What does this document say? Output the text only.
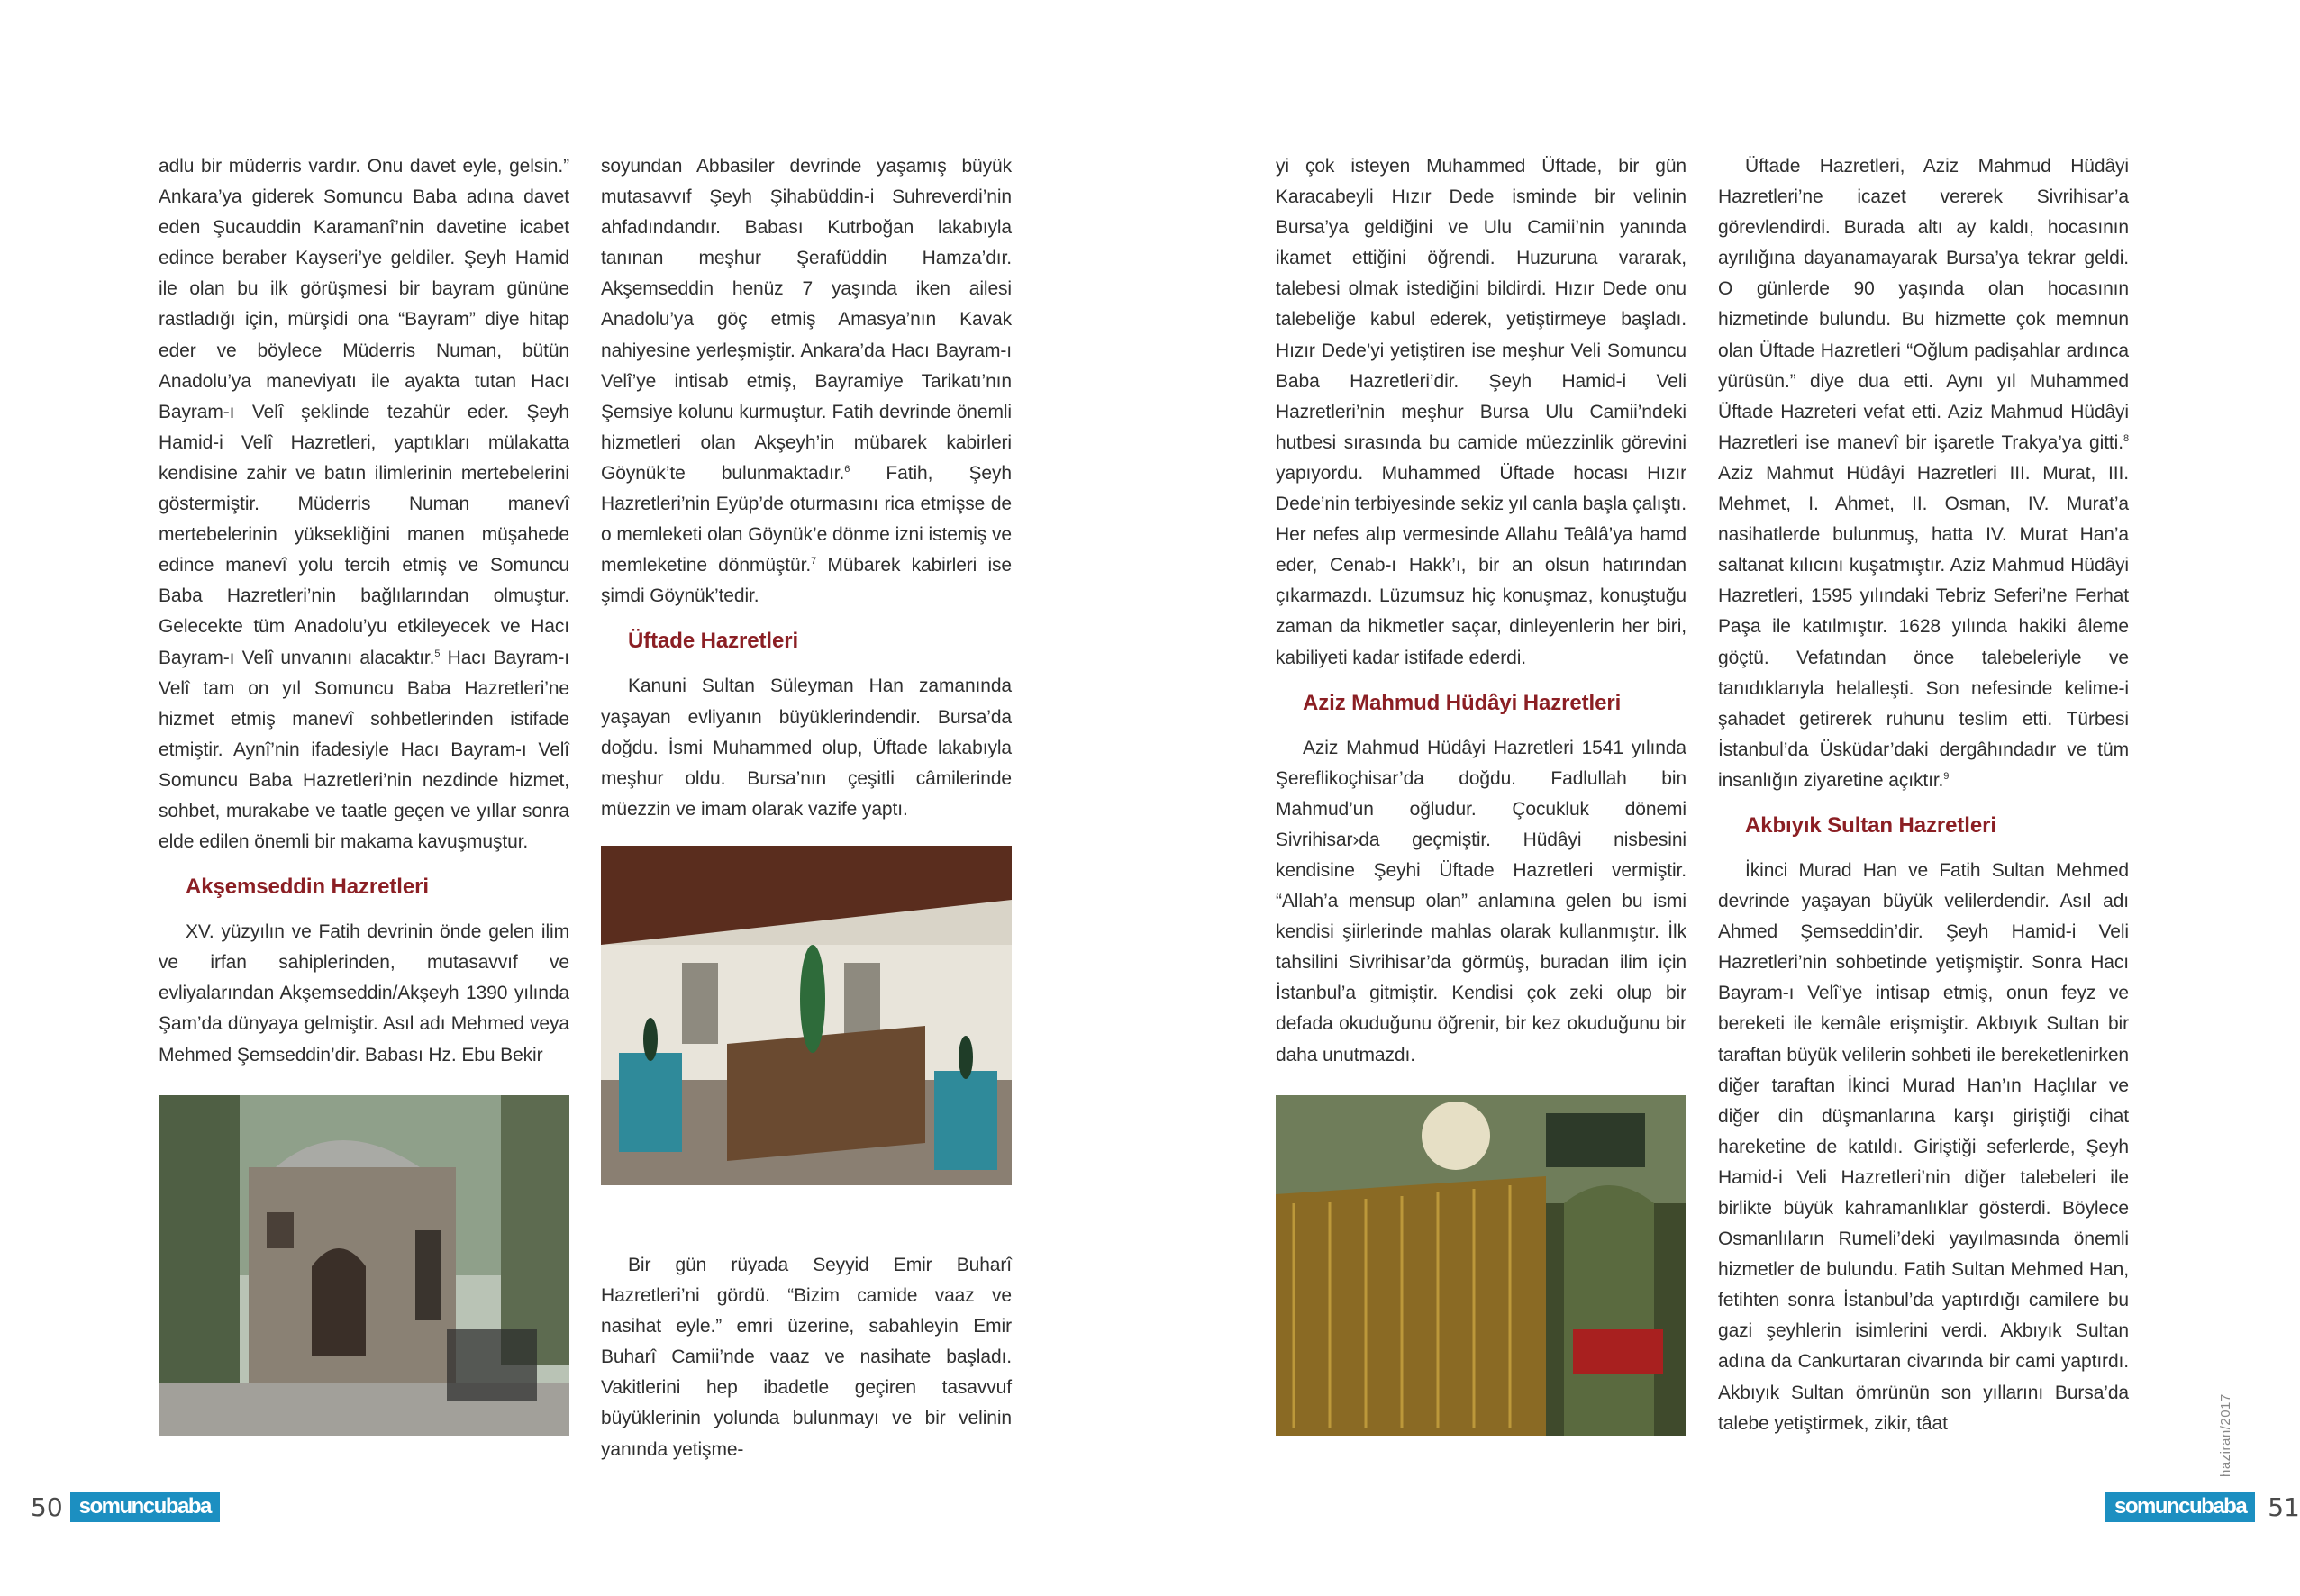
adlu bir müderris vardır. Onu davet eyle, gelsin.” Ankara’ya giderek Somuncu Baba adına davet eden Şucauddin Karamanî’nin davetine icabet edince beraber Kayseri’ye geldiler. Şeyh Hamid ile olan bu ilk görüşmesi bir bayram gününe rastladığı için, mürşidi ona “Bayram” diye hitap eder ve böylece Müderris Numan, bütün Anadolu’ya maneviyatı ile ayakta tutan Hacı Bayram-ı Velî şeklinde tezahür eder. Şeyh Hamid-i Velî Hazretleri, yaptıkları mülakatta kendisine zahir ve batın ilimlerinin mertebelerini göstermiştir. Müderris Numan manevî mertebelerinin yüksekliğini manen müşahede edince manevî yolu tercih etmiş ve Somuncu Baba Hazretleri’nin bağlılarından olmuştur. Gelecekte tüm Anadolu’yu etkileyecek ve Hacı Bayram-ı Velî unvanını alacaktır.$^5$ Hacı Bayram-ı Velî tam on yıl Somuncu Baba Hazretleri’ne hizmet etmiş manevî sohbetlerinden istifade etmiştir. Aynî’nin ifadesiyle Hacı Bayram-ı Velî Somuncu Baba Hazretleri’nin nezdinde hizmet, sohbet, murakabe ve taatle geçen ve yıllar sonra elde edilen önemli bir makama kavuşmuştur.

Akşemseddin Hazretleri

XV. yüzyılın ve Fatih devrinin önde gelen ilim ve irfan sahiplerinden, mutasavvıf ve evliyalarından Akşemseddin/Akşeyh 1390 yılında Şam’da dünyaya gelmiştir. Asıl adı Mehmed veya Mehmed Şemseddin’dir. Babası Hz. Ebu Bekir

soyundan Abbasiler devrinde yaşamış büyük mutasavvıf Şeyh Şihabüddin-i Suhreverdi’nin ahfadındandır. Babası Kutrboğan lakabıyla tanınan meşhur Şerafüddin Hamza’dır. Akşemseddin henüz 7 yaşında iken ailesi Anadolu’ya göç etmiş Amasya’nın Kavak nahiyesine yerleşmiştir. Ankara’da Hacı Bayram-ı Velî’ye intisab etmiş, Bayramiye Tarikatı’nın Şemsiye kolunu kurmuştur. Fatih devrinde önemli hizmetleri olan Akşeyh’in mübarek kabirleri Göynük’te bulunmaktadır.$^6$ Fatih, Şeyh Hazretleri’nin Eyüp’de oturmasını rica etmişse de o memleketi olan Göynük’e dönme izni istemiş ve memleketine dönmüştür.$^7$ Mübarek kabirleri ise şimdi Göynük’tedir.

Üftade Hazretleri

Kanuni Sultan Süleyman Han zamanında yaşayan evliyanın büyüklerindendir. Bursa’da doğdu. İsmi Muhammed olup, Üftade lakabıyla meşhur oldu. Bursa’nın çeşitli câmilerinde müezzin ve imam olarak vazife yaptı.

Bir gün rüyada Seyyid Emir Buharî Hazretleri’ni gördü. “Bizim camide vaaz ve nasihat eyle.” emri üzerine, sabahleyin Emir Buharî Camii’nde vaaz ve nasihate başladı. Vakitlerini hep ibadetle geçiren tasavvuf büyüklerinin yolunda bulunmayı ve bir velinin yanında yetişme-

yi çok isteyen Muhammed Üftade, bir gün Karacabeyli Hızır Dede isminde bir velinin Bursa’ya geldiğini ve Ulu Camii’nin yanında ikamet ettiğini öğrendi. Huzuruna vararak, talebesi olmak istediğini bildirdi. Hızır Dede onu talebeliğe kabul ederek, yetiştirmeye başladı. Hızır Dede’yi yetiştiren ise meşhur Veli Somuncu Baba Hazretleri’dir. Şeyh Hamid-i Veli Hazretleri’nin meşhur Bursa Ulu Camii’ndeki hutbesi sırasında bu camide müezzinlik görevini yapıyordu. Muhammed Üftade hocası Hızır Dede’nin terbiyesinde sekiz yıl canla başla çalıştı. Her nefes alıp vermesinde Allahu Teâlâ’ya hamd eder, Cenab-ı Hakk’ı, bir an olsun hatırından çıkarmazdı. Lüzumsuz hiç konuşmaz, konuştuğu zaman da hikmetler saçar, dinleyenlerin her biri, kabiliyeti kadar istifade ederdi.

Aziz Mahmud Hüdâyi Hazretleri

Aziz Mahmud Hüdâyi Hazretleri 1541 yılında Şereflikoçhisar’da doğdu. Fadlullah bin Mahmud’un oğludur. Çocukluk dönemi Sivrihisar›da geçmiştir. Hüdâyi nisbesini kendisine Şeyhi Üftade Hazretleri vermiştir. “Allah’a mensup olan” anlamına gelen bu ismi kendisi şiirlerinde mahlas olarak kullanmıştır. İlk tahsilini Sivrihisar’da görmüş, buradan ilim için İstanbul’a gitmiştir. Kendisi çok zeki olup bir defada okuduğunu öğrenir, bir kez okuduğunu bir daha unutmazdı.

Üftade Hazretleri, Aziz Mahmud Hüdâyi Hazretleri’ne icazet vererek Sivrihisar’a görevlendirdi. Burada altı ay kaldı, hocasının ayrılığına dayanamayarak Bursa’ya tekrar geldi. O günlerde 90 yaşında olan hocasının hizmetinde bulundu. Bu hizmette çok memnun olan Üftade Hazretleri “Oğlum padişahlar ardınca yürüsün.” diye dua etti. Aynı yıl Muhammed Üftade Hazreteri vefat etti. Aziz Mahmud Hüdâyi Hazretleri ise manevî bir işaretle Trakya’ya gitti.$^8$ Aziz Mahmut Hüdâyi Hazretleri III. Murat, III. Mehmet, I. Ahmet, II. Osman, IV. Murat’a nasihatlerde bulunmuş, hatta IV. Murat Han’a saltanat kılıcını kuşatmıştır. Aziz Mahmud Hüdâyi Hazretleri, 1595 yılındaki Tebriz Seferi’ne Ferhat Paşa ile katılmıştır. 1628 yılında hakiki âleme göçtü. Vefatından önce talebeleriyle ve tanıdıklarıyla helalleşti. Son nefesinde kelime-i şahadet getirerek ruhunu teslim etti. Türbesi İstanbul’da Üsküdar’daki dergâhındadır ve tüm insanlığın ziyaretine açıktır.$^9$

Akbıyık Sultan Hazretleri

İkinci Murad Han ve Fatih Sultan Mehmed devrinde yaşayan büyük velilerdendir. Asıl adı Ahmed Şemseddin’dir. Şeyh Hamid-i Veli Hazretleri’nin sohbetinde yetişmiştir. Sonra Hacı Bayram-ı Velî’ye intisap etmiş, onun feyz ve bereketi ile kemâle erişmiştir. Akbıyık Sultan bir taraftan büyük velilerin sohbeti ile bereketlenirken diğer taraftan İkinci Murad Han’ın Haçlılar ve diğer din düşmanlarına karşı giriştiği cihat hareketine de katıldı. Giriştiği seferlerde, Şeyh Hamid-i Veli Hazretleri’nin diğer talebeleri ile birlikte büyük kahramanlıklar gösterdi. Böylece Osmanlıların Rumeli’deki yayılmasında önemli hizmetler de bulundu. Fatih Sultan Mehmed Han, fetihten sonra İstanbul’da yaptırdığı camilere bu gazi şeyhlerin isimlerini verdi. Akbıyık Sultan adına da Cankurtaran civarında bir cami yaptırdı. Akbıyık Sultan ömrünün son yıllarını Bursa’da talebe yetiştirmek, zikir, tâat

50 somuncubaba	somuncubaba 51
haziran/2017
